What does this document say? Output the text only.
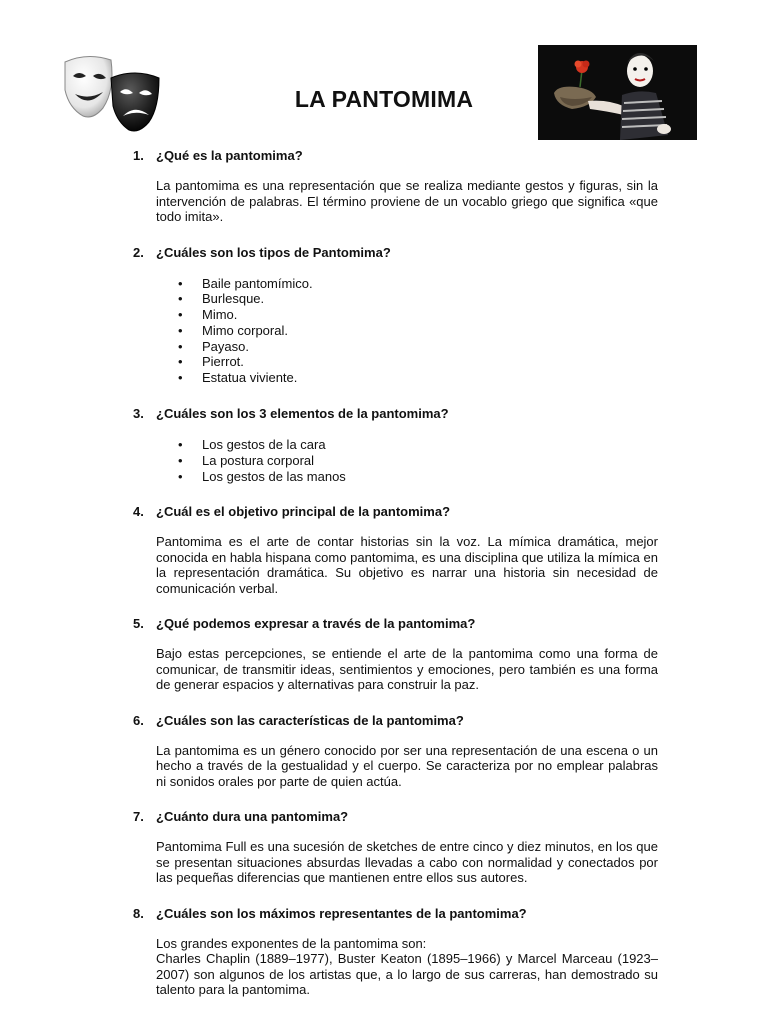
LA PANTOMIMA

1. ¿Qué es la pantomima?

La pantomima es una representación que se realiza mediante gestos y figuras, sin la intervención de palabras. El término proviene de un vocablo griego que significa «que todo imita».

2. ¿Cuáles son los tipos de Pantomima?

• Baile pantomímico.
• Burlesque.
• Mimo.
• Mimo corporal.
• Payaso.
• Pierrot.
• Estatua viviente.

3. ¿Cuáles son los 3 elementos de la pantomima?

• Los gestos de la cara
• La postura corporal
• Los gestos de las manos

4. ¿Cuál es el objetivo principal de la pantomima?

Pantomima es el arte de contar historias sin la voz. La mímica dramática, mejor conocida en habla hispana como pantomima, es una disciplina que utiliza la mímica en la representación dramática. Su objetivo es narrar una historia sin necesidad de comunicación verbal.

5. ¿Qué podemos expresar a través de la pantomima?

Bajo estas percepciones, se entiende el arte de la pantomima como una forma de comunicar, de transmitir ideas, sentimientos y emociones, pero también es una forma de generar espacios y alternativas para construir la paz.

6. ¿Cuáles son las características de la pantomima?

La pantomima es un género conocido por ser una representación de una escena o un hecho a través de la gestualidad y el cuerpo. Se caracteriza por no emplear palabras ni sonidos orales por parte de quien actúa.

7. ¿Cuánto dura una pantomima?

Pantomima Full es una sucesión de sketches de entre cinco y diez minutos, en los que se presentan situaciones absurdas llevadas a cabo con normalidad y conectados por las pequeñas diferencias que mantienen entre ellos sus autores.

8. ¿Cuáles son los máximos representantes de la pantomima?

Los grandes exponentes de la pantomima son:

Charles Chaplin (1889–1977), Buster Keaton (1895–1966) y Marcel Marceau (1923–2007) son algunos de los artistas que, a lo largo de sus carreras, han demostrado su talento para la pantomima.
